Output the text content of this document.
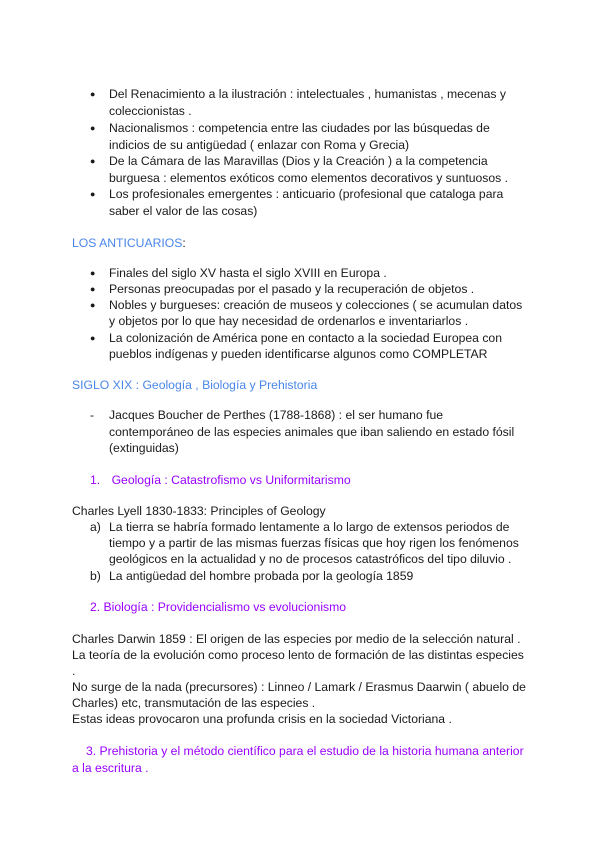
● Del Renacimiento a la ilustración : intelectuales , humanistas , mecenas y
coleccionistas .
● Nacionalismos : competencia entre las ciudades por las búsquedas de
indicios de su antigüedad ( enlazar con Roma y Grecia)
● De la Cámara de las Maravillas (Dios y la Creación ) a la competencia
burguesa : elementos exóticos como elementos decorativos y suntuosos .
● Los profesionales emergentes : anticuario (profesional que cataloga para
saber el valor de las cosas)
LOS ANTICUARIOS:
● Finales del siglo XV hasta el siglo XVIII en Europa .
● Personas preocupadas por el pasado y la recuperación de objetos .
● Nobles y burgueses: creación de museos y colecciones ( se acumulan datos
y objetos por lo que hay necesidad de ordenarlos e inventariarlos .
● La colonización de América pone en contacto a la sociedad Europea con
pueblos indígenas y pueden identificarse algunos como COMPLETAR
SIGLO XIX : Geología , Biología y Prehistoria
- Jacques Boucher de Perthes (1788-1868) : el ser humano fue
contemporáneo de las especies animales que iban saliendo en estado fósil
(extinguidas)
1. Geología : Catastrofismo vs Uniformitarismo
Charles Lyell 1830-1833: Principles of Geology
a) La tierra se habría formado lentamente a lo largo de extensos periodos de
tiempo y a partir de las mismas fuerzas físicas que hoy rigen los fenómenos
geológicos en la actualidad y no de procesos catastróficos del tipo diluvio .
b) La antigüedad del hombre probada por la geología 1859
2. Biología : Providencialismo vs evolucionismo
Charles Darwin 1859 : El origen de las especies por medio de la selección natural .
La teoría de la evolución como proceso lento de formación de las distintas especies
.
No surge de la nada (precursores) : Linneo / Lamark / Erasmus Daarwin ( abuelo de
Charles) etc, transmutación de las especies .
Estas ideas provocaron una profunda crisis en la sociedad Victoriana .
3. Prehistoria y el método científico para el estudio de la historia humana anterior
a la escritura .
